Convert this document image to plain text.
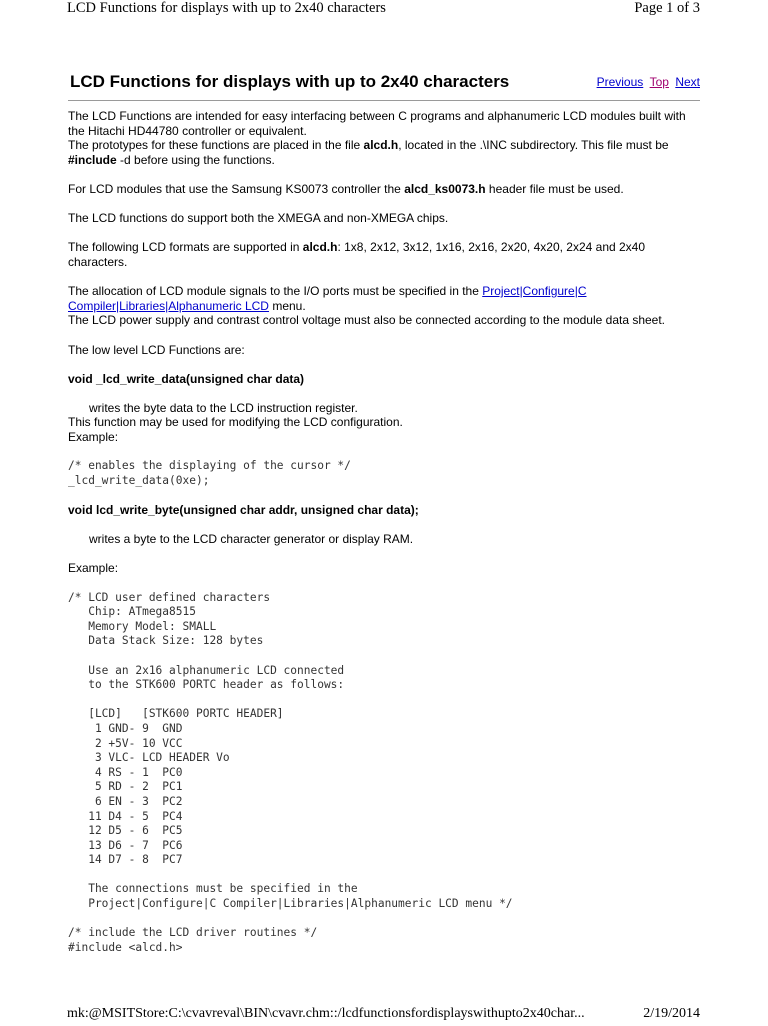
LCD Functions for displays with up to 2x40 characters	Page 1 of 3
LCD Functions for displays with up to 2x40 characters	Previous Top Next

The LCD Functions are intended for easy interfacing between C programs and alphanumeric LCD modules built with the Hitachi HD44780 controller or equivalent.
The prototypes for these functions are placed in the file alcd.h, located in the .\INC subdirectory. This file must be
#include -d before using the functions.

For LCD modules that use the Samsung KS0073 controller the alcd_ks0073.h header file must be used.

The LCD functions do support both the XMEGA and non-XMEGA chips.

The following LCD formats are supported in alcd.h: 1x8, 2x12, 3x12, 1x16, 2x16, 2x20, 4x20, 2x24 and 2x40 characters.

The allocation of LCD module signals to the I/O ports must be specified in the Project|Configure|C Compiler|Libraries|Alphanumeric LCD menu.
The LCD power supply and contrast control voltage must also be connected according to the module data sheet.

The low level LCD Functions are:

void _lcd_write_data(unsigned char data)

writes the byte data to the LCD instruction register.
This function may be used for modifying the LCD configuration.
Example:

/* enables the displaying of the cursor */
_lcd_write_data(0xe);

void lcd_write_byte(unsigned char addr, unsigned char data);

writes a byte to the LCD character generator or display RAM.

Example:

/* LCD user defined characters
Chip: ATmega8515
Memory Model: SMALL
Data Stack Size: 128 bytes

Use an 2x16 alphanumeric LCD connected
to the STK600 PORTC header as follows:

[LCD]   [STK600 PORTC HEADER]
1 GND- 9  GND
2 +5V- 10 VCC
3 VLC- LCD HEADER Vo
4 RS - 1  PC0
5 RD - 2  PC1
6 EN - 3  PC2
11 D4 - 5  PC4
12 D5 - 6  PC5
13 D6 - 7  PC6
14 D7 - 8  PC7

The connections must be specified in the
Project|Configure|C Compiler|Libraries|Alphanumeric LCD menu */

/* include the LCD driver routines */
#include <alcd.h>
mk:@MSITStore:C:\cvavreval\BIN\cvavr.chm::/lcdfunctionsfordisplayswithupto2x40char...	2/19/2014
